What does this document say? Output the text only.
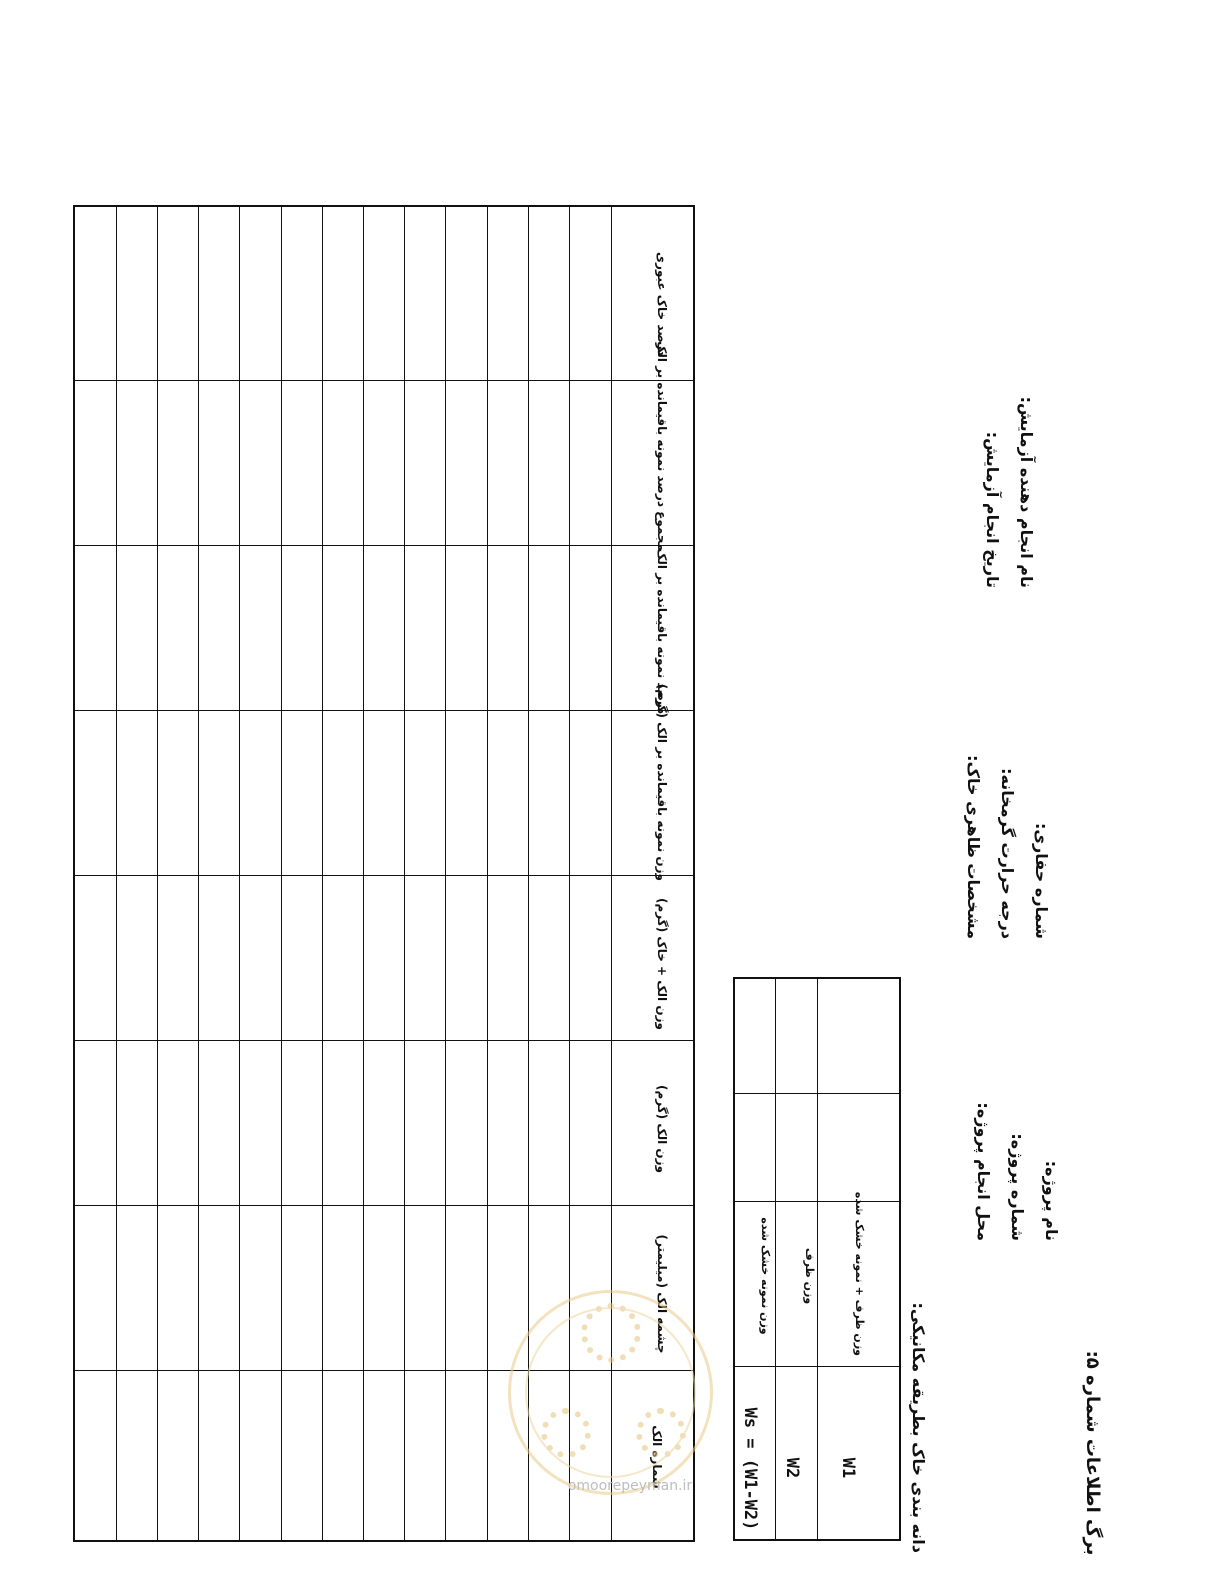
برگ اطلاعات شماره ۵:
نام پروژه:
شماره پروژه:
محل انجام پروژه:
شماره حفاری:
درجه حرارت گرمخانه:
مشخصات ظاهری خاک:
نام انجام دهنده آزمایش:
تاریخ انجام آزمایش:
دانه بندی خاک بطریقه مکانیکی:
W1
W2
Ws = (W1-W2)
وزن ظرف + نمونه خشک شده
وزن ظرف
وزن نمونه خشک شده
شماره الک
چشمه الک (میلیمتر)
وزن الک (گرم)
وزن الک + خاک (گرم)
وزن نمونه باقیمانده بر الک (گرم)
درصد نمونه باقیمانده بر الک
مجموع درصد نمونه باقیمانده بر الک
درصد خاک عبوری
omoorepeyman.ir
